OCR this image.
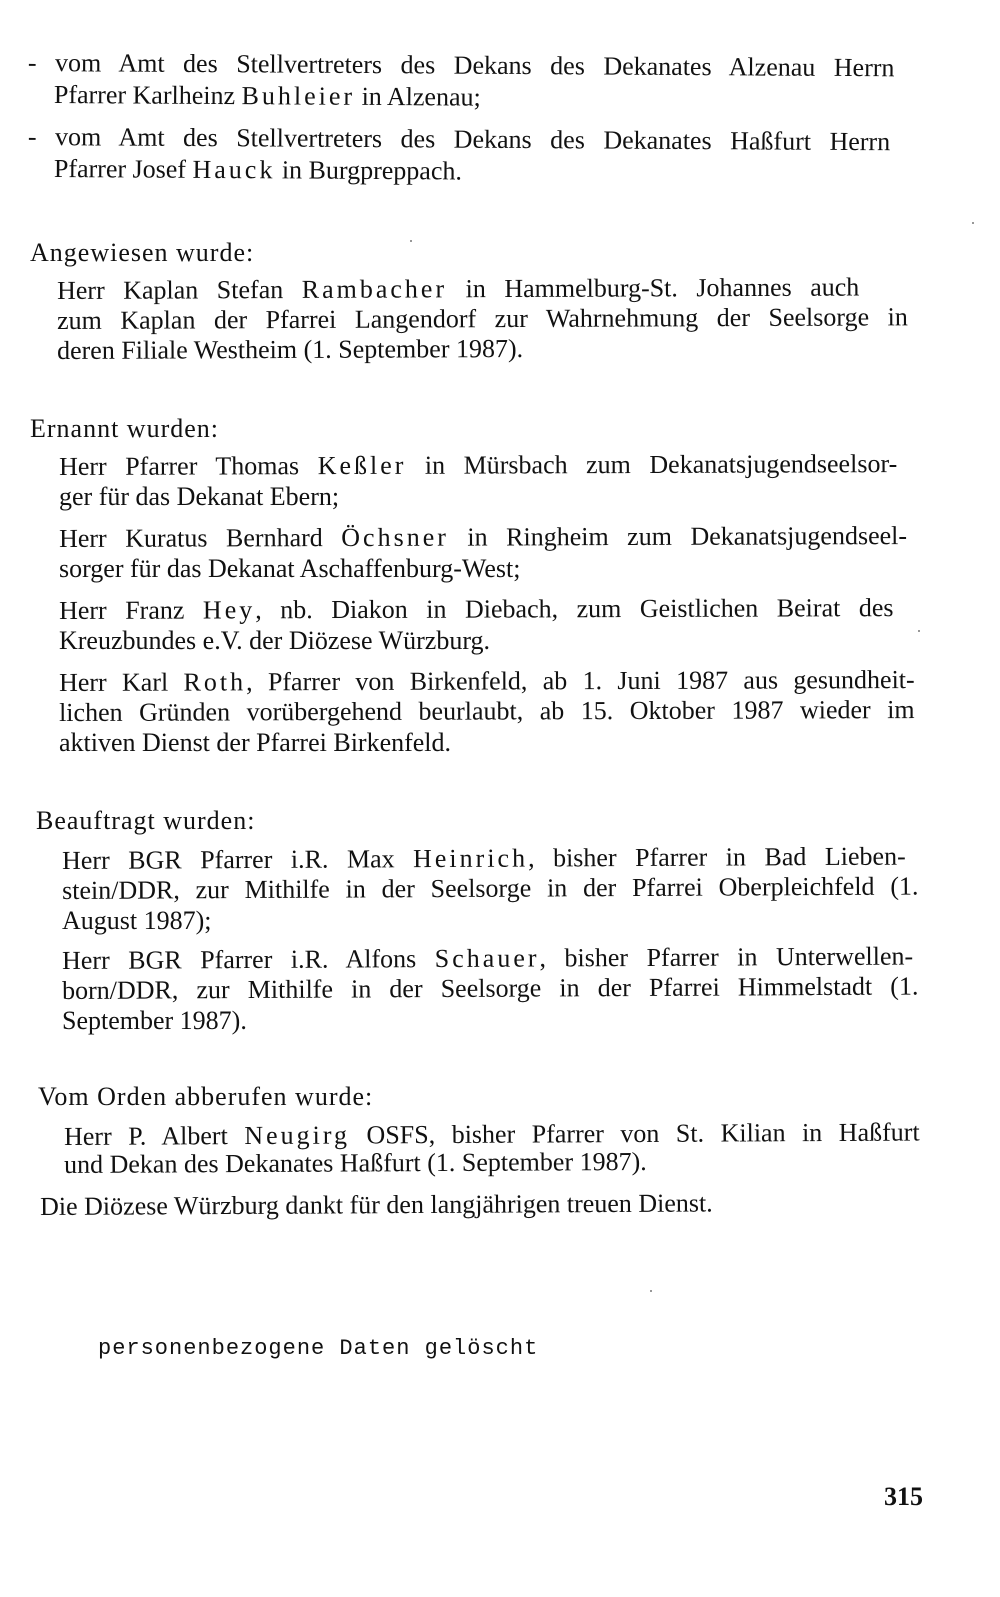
- vom Amt des Stellvertreters des Dekans des Dekanates Alzenau Herrn
Pfarrer Karlheinz Buhleier in Alzenau;
- vom Amt des Stellvertreters des Dekans des Dekanates Haßfurt Herrn
Pfarrer Josef Hauck in Burgpreppach.
Angewiesen wurde:
Herr Kaplan Stefan Rambacher in Hammelburg-St. Johannes auch
zum Kaplan der Pfarrei Langendorf zur Wahrnehmung der Seelsorge in
deren Filiale Westheim (1. September 1987).
Ernannt wurden:
Herr Pfarrer Thomas Keßler in Mürsbach zum Dekanatsjugendseelsor-
ger für das Dekanat Ebern;
Herr Kuratus Bernhard Öchsner in Ringheim zum Dekanatsjugendseel-
sorger für das Dekanat Aschaffenburg-West;
Herr Franz Hey, nb. Diakon in Diebach, zum Geistlichen Beirat des
Kreuzbundes e.V. der Diözese Würzburg.
Herr Karl Roth, Pfarrer von Birkenfeld, ab 1. Juni 1987 aus gesundheit-
lichen Gründen vorübergehend beurlaubt, ab 15. Oktober 1987 wieder im
aktiven Dienst der Pfarrei Birkenfeld.
Beauftragt wurden:
Herr BGR Pfarrer i.R. Max Heinrich, bisher Pfarrer in Bad Lieben-
stein/DDR, zur Mithilfe in der Seelsorge in der Pfarrei Oberpleichfeld (1.
August 1987);
Herr BGR Pfarrer i.R. Alfons Schauer, bisher Pfarrer in Unterwellen-
born/DDR, zur Mithilfe in der Seelsorge in der Pfarrei Himmelstadt (1.
September 1987).
Vom Orden abberufen wurde:
Herr P. Albert Neugirg OSFS, bisher Pfarrer von St. Kilian in Haßfurt
und Dekan des Dekanates Haßfurt (1. September 1987).
Die Diözese Würzburg dankt für den langjährigen treuen Dienst.
personenbezogene Daten gelöscht
315
